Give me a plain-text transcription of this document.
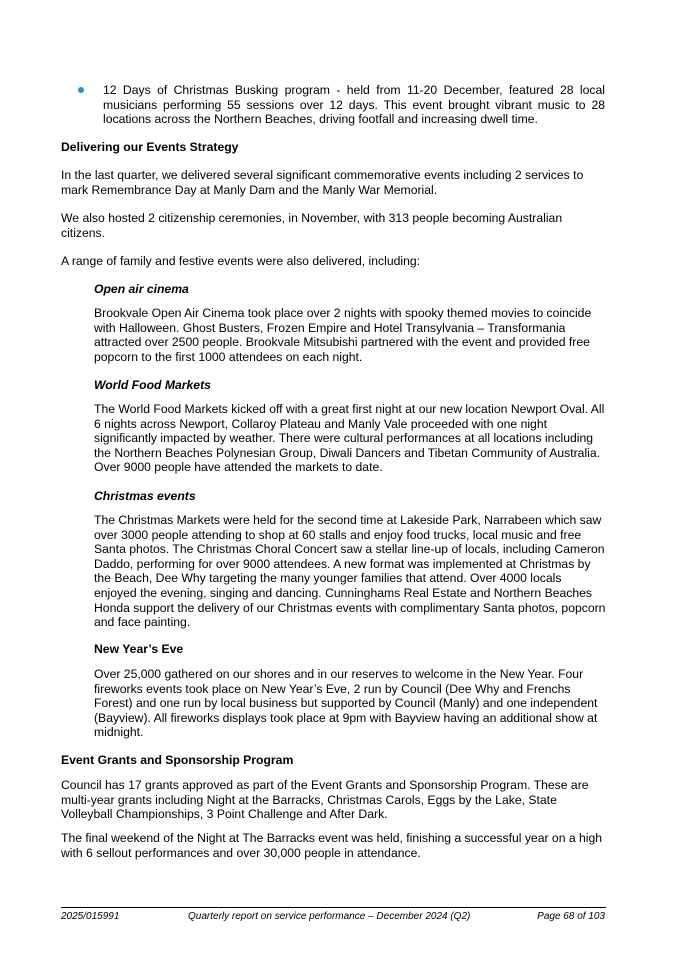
12 Days of Christmas Busking program - held from 11-20 December, featured 28 local musicians performing 55 sessions over 12 days. This event brought vibrant music to 28 locations across the Northern Beaches, driving footfall and increasing dwell time.
Delivering our Events Strategy
In the last quarter, we delivered several significant commemorative events including 2 services to mark Remembrance Day at Manly Dam and the Manly War Memorial.
We also hosted 2 citizenship ceremonies, in November, with 313 people becoming Australian citizens.
A range of family and festive events were also delivered, including:
Open air cinema
Brookvale Open Air Cinema took place over 2 nights with spooky themed movies to coincide with Halloween. Ghost Busters, Frozen Empire and Hotel Transylvania – Transformania attracted over 2500 people. Brookvale Mitsubishi partnered with the event and provided free popcorn to the first 1000 attendees on each night.
World Food Markets
The World Food Markets kicked off with a great first night at our new location Newport Oval. All 6 nights across Newport, Collaroy Plateau and Manly Vale proceeded with one night significantly impacted by weather. There were cultural performances at all locations including the Northern Beaches Polynesian Group, Diwali Dancers and Tibetan Community of Australia. Over 9000 people have attended the markets to date.
Christmas events
The Christmas Markets were held for the second time at Lakeside Park, Narrabeen which saw over 3000 people attending to shop at 60 stalls and enjoy food trucks, local music and free Santa photos. The Christmas Choral Concert saw a stellar line-up of locals, including Cameron Daddo, performing for over 9000 attendees. A new format was implemented at Christmas by the Beach, Dee Why targeting the many younger families that attend. Over 4000 locals enjoyed the evening, singing and dancing. Cunninghams Real Estate and Northern Beaches Honda support the delivery of our Christmas events with complimentary Santa photos, popcorn and face painting.
New Year’s Eve
Over 25,000 gathered on our shores and in our reserves to welcome in the New Year. Four fireworks events took place on New Year’s Eve, 2 run by Council (Dee Why and Frenchs Forest) and one run by local business but supported by Council (Manly) and one independent (Bayview). All fireworks displays took place at 9pm with Bayview having an additional show at midnight.
Event Grants and Sponsorship Program
Council has 17 grants approved as part of the Event Grants and Sponsorship Program. These are multi-year grants including Night at the Barracks, Christmas Carols, Eggs by the Lake, State Volleyball Championships, 3 Point Challenge and After Dark.
The final weekend of the Night at The Barracks event was held, finishing a successful year on a high with 6 sellout performances and over 30,000 people in attendance.
2025/015991	Quarterly report on service performance – December 2024 (Q2)	Page 68 of 103
